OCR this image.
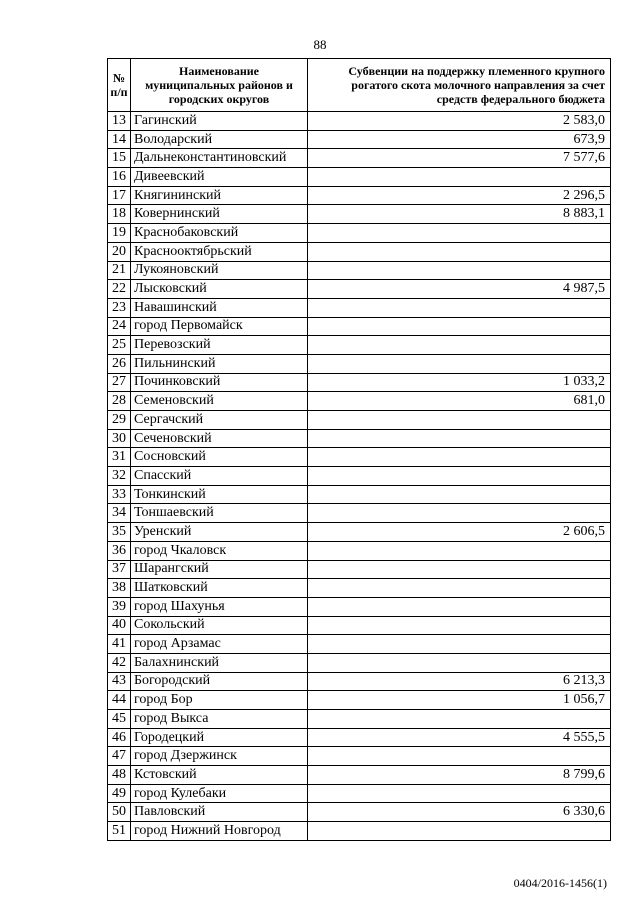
88
№ п/п	Наименование муниципальных районов и городских округов	Субвенции на поддержку племенного крупного рогатого скота молочного направления за счет средств федерального бюджета
13	Гагинский	2 583,0
14	Володарский	673,9
15	Дальнеконстантиновский	7 577,6
16	Дивеевский	
17	Княгининский	2 296,5
18	Ковернинский	8 883,1
19	Краснобаковский	
20	Краснооктябрьский	
21	Лукояновский	
22	Лысковский	4 987,5
23	Навашинский	
24	город Первомайск	
25	Перевозский	
26	Пильнинский	
27	Починковский	1 033,2
28	Семеновский	681,0
29	Сергачский	
30	Сеченовский	
31	Сосновский	
32	Спасский	
33	Тонкинский	
34	Тоншаевский	
35	Уренский	2 606,5
36	город Чкаловск	
37	Шарангский	
38	Шатковский	
39	город Шахунья	
40	Сокольский	
41	город Арзамас	
42	Балахнинский	
43	Богородский	6 213,3
44	город Бор	1 056,7
45	город Выкса	
46	Городецкий	4 555,5
47	город Дзержинск	
48	Кстовский	8 799,6
49	город Кулебаки	
50	Павловский	6 330,6
51	город Нижний Новгород	
0404/2016-1456(1)
